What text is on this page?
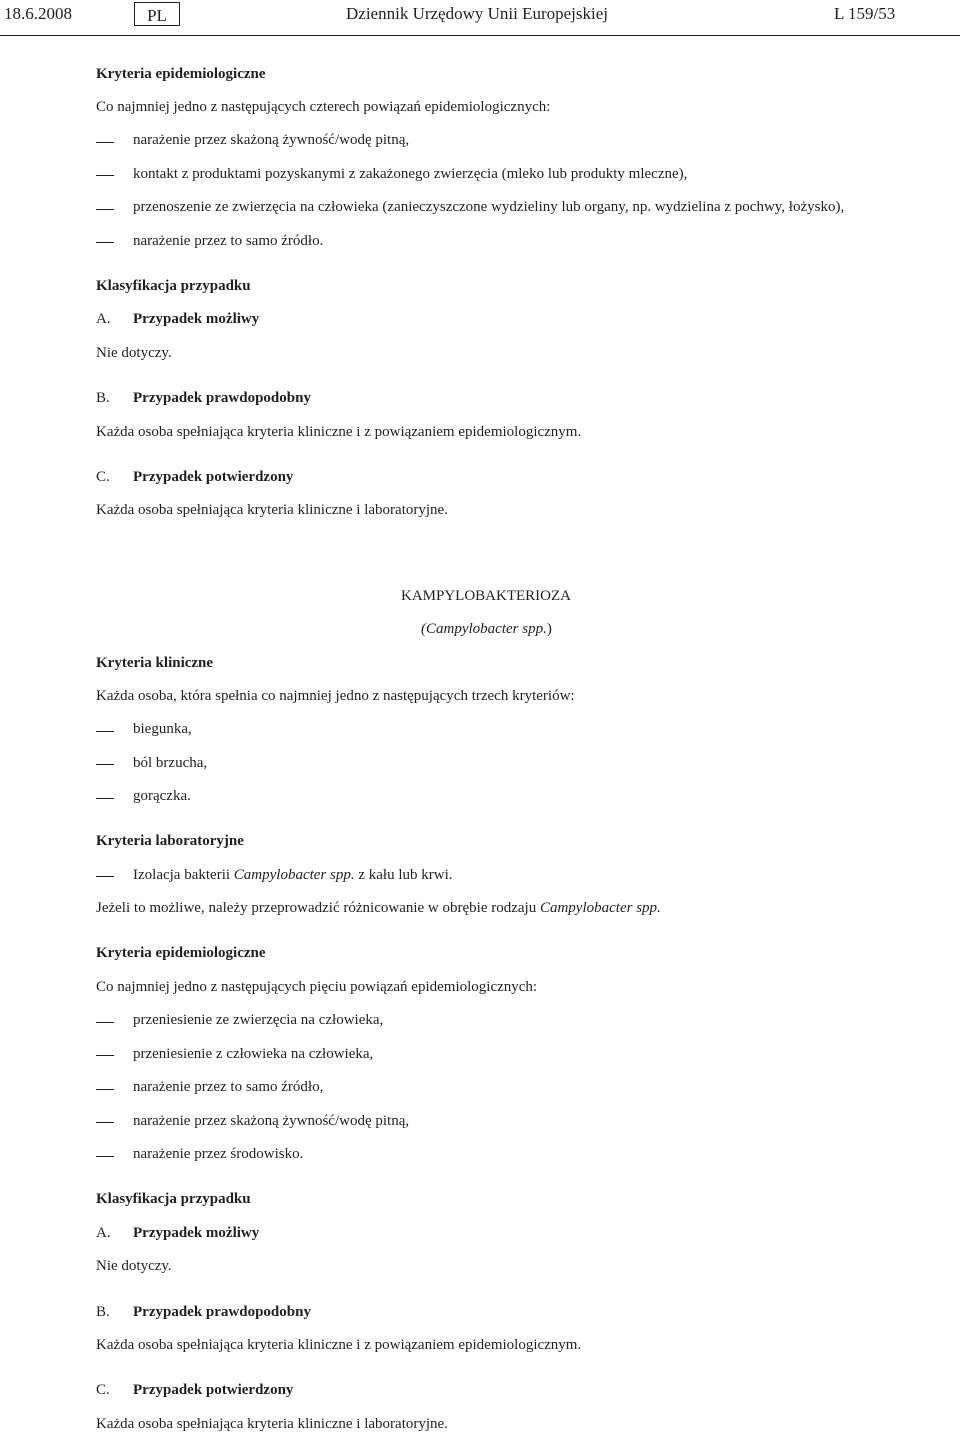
18.6.2008	PL	Dziennik Urzędowy Unii Europejskiej	L 159/53
Kryteria epidemiologiczne
Co najmniej jedno z następujących czterech powiązań epidemiologicznych:
narażenie przez skażoną żywność/wodę pitną,
kontakt z produktami pozyskanymi z zakażonego zwierzęcia (mleko lub produkty mleczne),
przenoszenie ze zwierzęcia na człowieka (zanieczyszczone wydzieliny lub organy, np. wydzielina z pochwy, łożysko),
narażenie przez to samo źródło.
Klasyfikacja przypadku
A. Przypadek możliwy
Nie dotyczy.
B. Przypadek prawdopodobny
Każda osoba spełniająca kryteria kliniczne i z powiązaniem epidemiologicznym.
C. Przypadek potwierdzony
Każda osoba spełniająca kryteria kliniczne i laboratoryjne.
KAMPYLOBAKTERIOZA
(Campylobacter spp.)
Kryteria kliniczne
Każda osoba, która spełnia co najmniej jedno z następujących trzech kryteriów:
biegunka,
ból brzucha,
gorączka.
Kryteria laboratoryjne
Izolacja bakterii Campylobacter spp. z kału lub krwi.
Jeżeli to możliwe, należy przeprowadzić różnicowanie w obrębie rodzaju Campylobacter spp.
Kryteria epidemiologiczne
Co najmniej jedno z następujących pięciu powiązań epidemiologicznych:
przeniesienie ze zwierzęcia na człowieka,
przeniesienie z człowieka na człowieka,
narażenie przez to samo źródło,
narażenie przez skażoną żywność/wodę pitną,
narażenie przez środowisko.
Klasyfikacja przypadku
A. Przypadek możliwy
Nie dotyczy.
B. Przypadek prawdopodobny
Każda osoba spełniająca kryteria kliniczne i z powiązaniem epidemiologicznym.
C. Przypadek potwierdzony
Każda osoba spełniająca kryteria kliniczne i laboratoryjne.
